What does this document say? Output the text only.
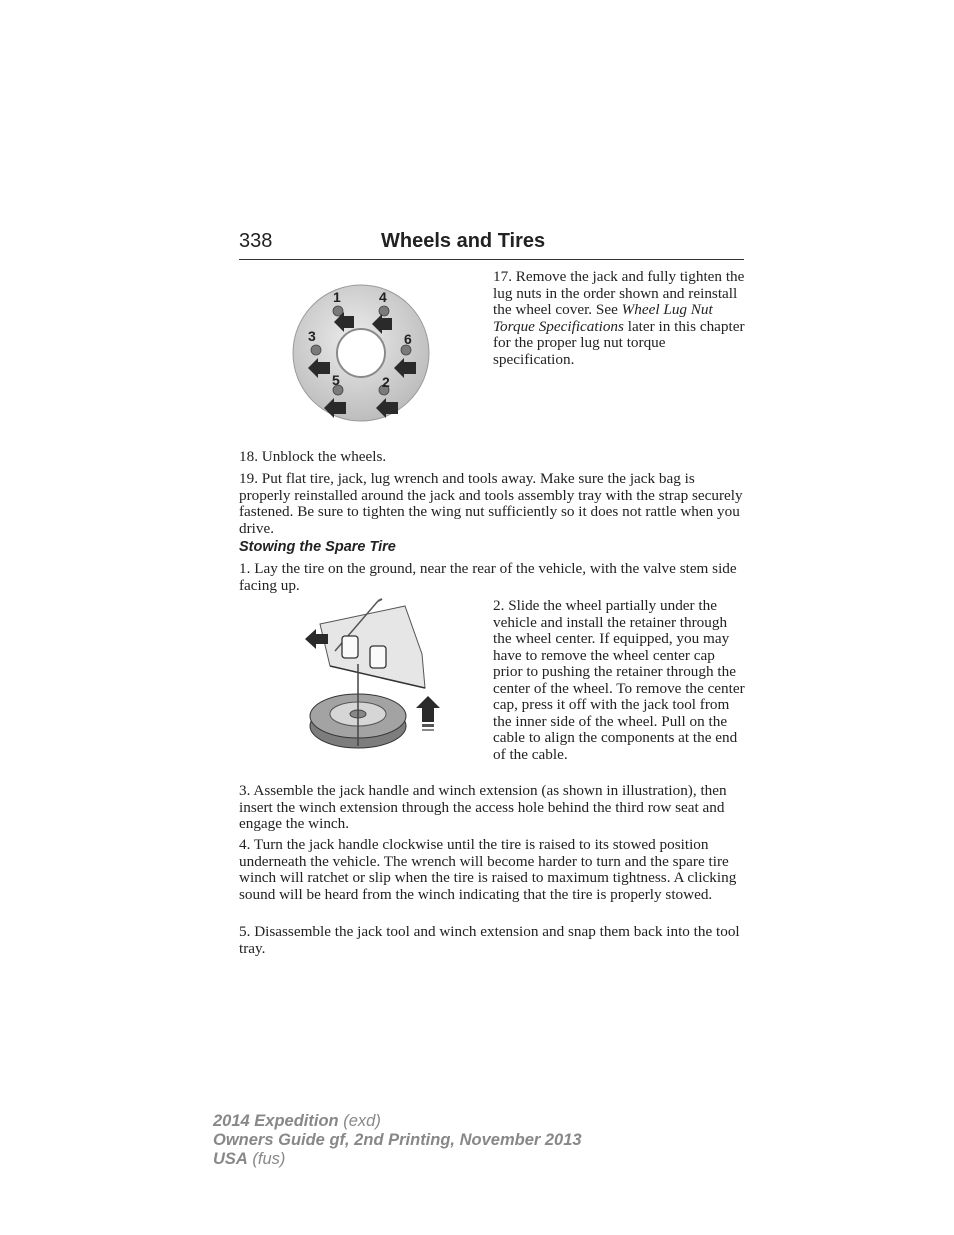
338	Wheels and Tires
1	4
3	6
5	2

17. Remove the jack and fully tighten the lug nuts in the order shown and reinstall the wheel cover. See Wheel Lug Nut Torque Specifications later in this chapter for the proper lug nut torque specification.

18. Unblock the wheels.

19. Put flat tire, jack, lug wrench and tools away. Make sure the jack bag is properly reinstalled around the jack and tools assembly tray with the strap securely fastened. Be sure to tighten the wing nut sufficiently so it does not rattle when you drive.

Stowing the Spare Tire

1. Lay the tire on the ground, near the rear of the vehicle, with the valve stem side facing up.

2. Slide the wheel partially under the vehicle and install the retainer through the wheel center. If equipped, you may have to remove the wheel center cap prior to pushing the retainer through the center of the wheel. To remove the center cap, press it off with the jack tool from the inner side of the wheel. Pull on the cable to align the components at the end of the cable.

3. Assemble the jack handle and winch extension (as shown in illustration), then insert the winch extension through the access hole behind the third row seat and engage the winch.

4. Turn the jack handle clockwise until the tire is raised to its stowed position underneath the vehicle. The wrench will become harder to turn and the spare tire winch will ratchet or slip when the tire is raised to maximum tightness. A clicking sound will be heard from the winch indicating that the tire is properly stowed.

5. Disassemble the jack tool and winch extension and snap them back into the tool tray.

2014 Expedition (exd)
Owners Guide gf, 2nd Printing, November 2013
USA (fus)
